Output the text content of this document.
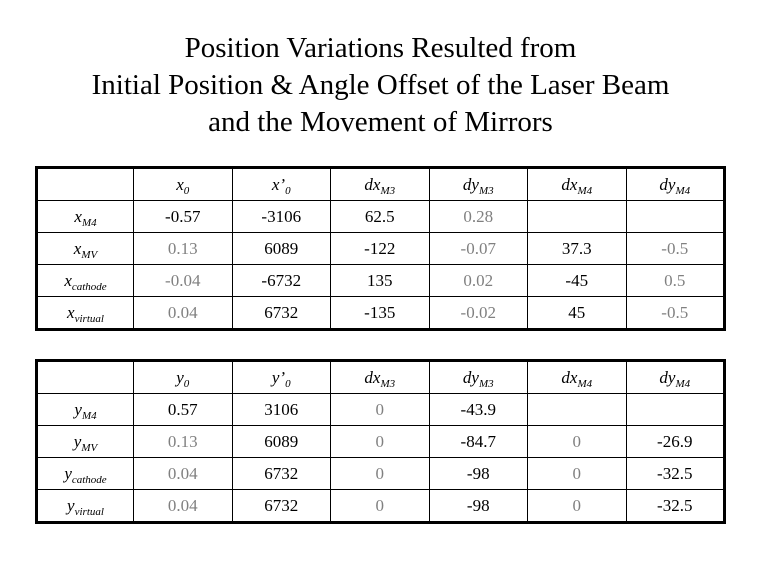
Position Variations Resulted from
Initial Position & Angle Offset of the Laser Beam
and the Movement of Mirrors
	$x_0$	$x’_0$	$dx_{M3}$	$dy_{M3}$	$dx_{M4}$	$dy_{M4}$
$x_{M4}$	-0.57	-3106	62.5	0.28		
$x_{MV}$	0.13	6089	-122	-0.07	37.3	-0.5
$x_{cathode}$	-0.04	-6732	135	0.02	-45	0.5
$x_{virtual}$	0.04	6732	-135	-0.02	45	-0.5
	$y_0$	$y’_0$	$dx_{M3}$	$dy_{M3}$	$dx_{M4}$	$dy_{M4}$
$y_{M4}$	0.57	3106	0	-43.9		
$y_{MV}$	0.13	6089	0	-84.7	0	-26.9
$y_{cathode}$	0.04	6732	0	-98	0	-32.5
$y_{virtual}$	0.04	6732	0	-98	0	-32.5
